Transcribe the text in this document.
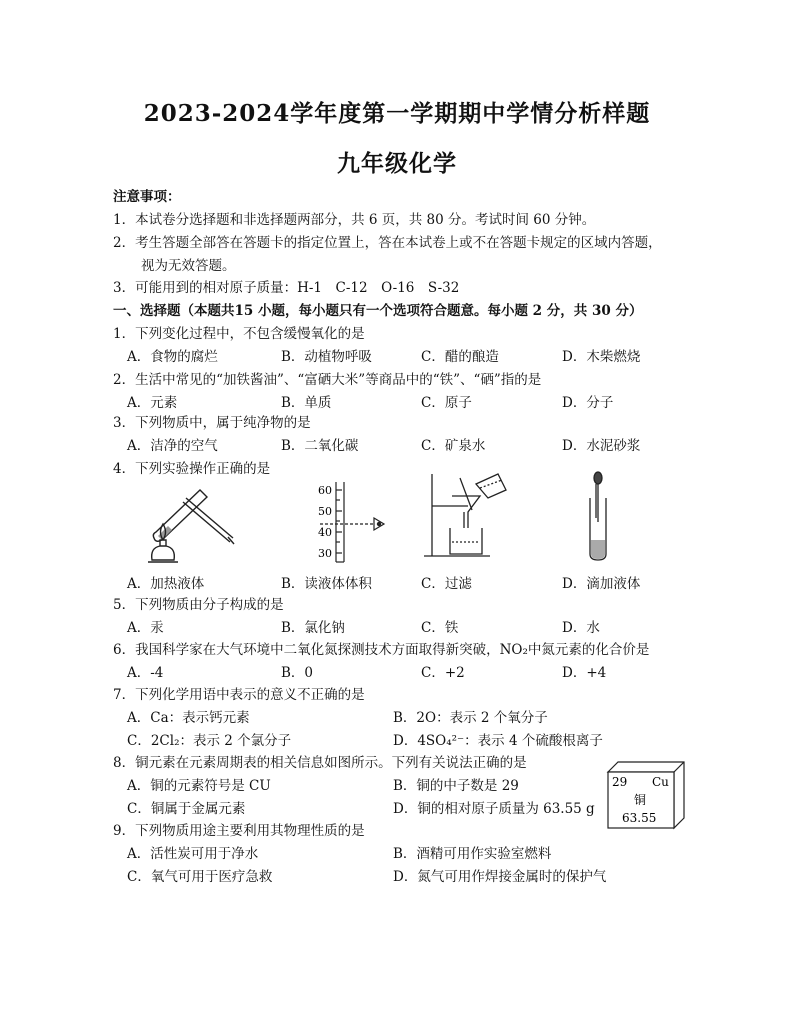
2023-2024学年度第一学期期中学情分析样题
九年级化学
注意事项：
1．本试卷分选择题和非选择题两部分，共 6 页，共 80 分。考试时间 60 分钟。
2．考生答题全部答在答题卡的指定位置上，答在本试卷上或不在答题卡规定的区域内答题，
视为无效答题。
3．可能用到的相对原子质量：H-1　C-12　O-16　S-32
一、选择题（本题共15 小题，每小题只有一个选项符合题意。每小题 2 分，共 30 分）
1．下列变化过程中，不包含缓慢氧化的是
A．食物的腐烂	B．动植物呼吸	C．醋的酿造	D．木柴燃烧
2．生活中常见的“加铁酱油”、“富硒大米”等商品中的“铁”、“硒”指的是
A．元素	B．单质	C．原子	D．分子
3．下列物质中，属于纯净物的是
A．洁净的空气	B．二氧化碳	C．矿泉水	D．水泥砂浆
4．下列实验操作正确的是
60
50
40
30
A．加热液体	B．读液体体积	C．过滤	D．滴加液体
5．下列物质由分子构成的是
A．汞	B．氯化钠	C．铁	D．水
6．我国科学家在大气环境中二氧化氮探测技术方面取得新突破，NO₂中氮元素的化合价是
A．-4	B．0	C．+2	D．+4
7．下列化学用语中表示的意义不正确的是
A．Ca：表示钙元素	B．2O：表示 2 个氧分子
C．2Cl₂：表示 2 个氯分子	D．4SO₄²⁻：表示 4 个硫酸根离子
8．铜元素在元素周期表的相关信息如图所示。下列有关说法正确的是
A．铜的元素符号是 CU	B．铜的中子数是 29
C．铜属于金属元素	D．铜的相对原子质量为 63.55 g
29 Cu
铜
63.55
9．下列物质用途主要利用其物理性质的是
A．活性炭可用于净水	B．酒精可用作实验室燃料
C．氧气可用于医疗急救	D．氮气可用作焊接金属时的保护气
